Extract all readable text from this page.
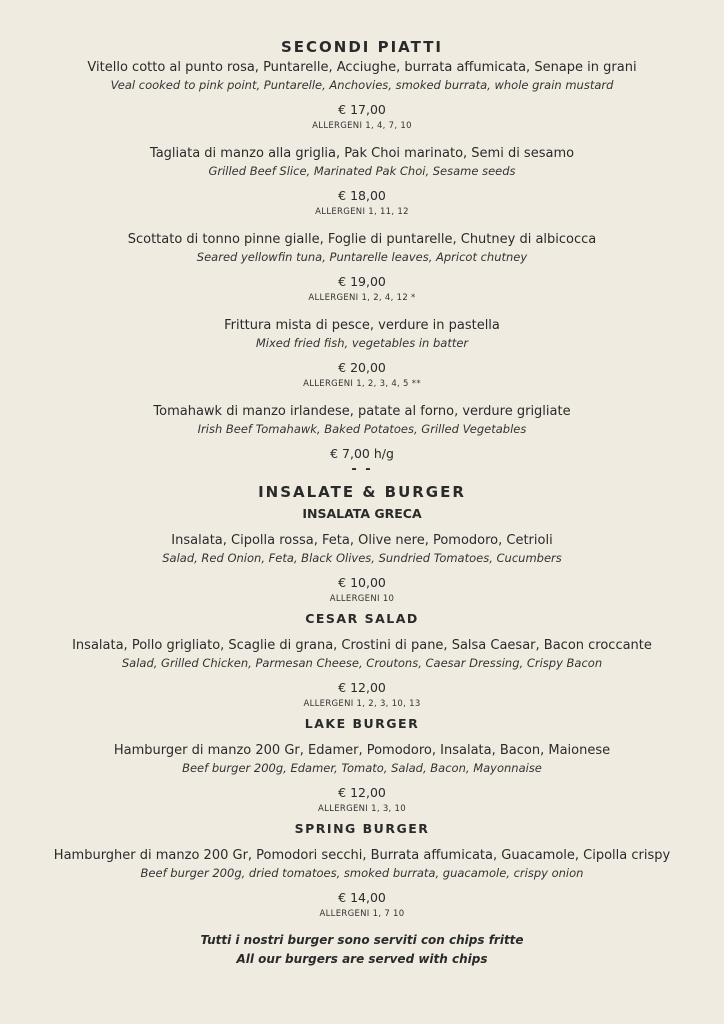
SECONDI PIATTI
Vitello cotto al punto rosa, Puntarelle, Acciughe, burrata affumicata, Senape in grani
Veal cooked to pink point, Puntarelle, Anchovies, smoked burrata, whole grain mustard
€ 17,00
ALLERGENI 1, 4, 7, 10
Tagliata di manzo alla griglia, Pak Choi marinato, Semi di sesamo
Grilled Beef Slice, Marinated Pak Choi, Sesame seeds
€ 18,00
ALLERGENI 1, 11, 12
Scottato di tonno pinne gialle, Foglie di puntarelle, Chutney di albicocca
Seared yellowfin tuna, Puntarelle leaves, Apricot chutney
€ 19,00
ALLERGENI 1, 2, 4, 12 *
Frittura mista di pesce, verdure in pastella
Mixed fried fish, vegetables in batter
€ 20,00
ALLERGENI 1, 2, 3, 4, 5 **
Tomahawk di manzo irlandese, patate al forno, verdure grigliate
Irish Beef Tomahawk, Baked Potatoes, Grilled Vegetables
€ 7,00 h/g
- -
INSALATE & BURGER
INSALATA GRECA
Insalata, Cipolla rossa, Feta, Olive nere, Pomodoro, Cetrioli
Salad, Red Onion, Feta, Black Olives, Sundried Tomatoes, Cucumbers
€ 10,00
ALLERGENI 10
CESAR SALAD
Insalata, Pollo grigliato, Scaglie di grana, Crostini di pane, Salsa Caesar, Bacon croccante
Salad, Grilled Chicken, Parmesan Cheese, Croutons, Caesar Dressing, Crispy Bacon
€ 12,00
ALLERGENI 1, 2, 3, 10, 13
LAKE BURGER
Hamburger di manzo 200 Gr, Edamer, Pomodoro, Insalata, Bacon, Maionese
Beef burger 200g, Edamer, Tomato, Salad, Bacon, Mayonnaise
€ 12,00
ALLERGENI 1, 3, 10
SPRING BURGER
Hamburgher di manzo 200 Gr, Pomodori secchi, Burrata affumicata, Guacamole, Cipolla crispy
Beef burger 200g, dried tomatoes, smoked burrata, guacamole, crispy onion
€ 14,00
ALLERGENI 1, 7 10
Tutti i nostri burger sono serviti con chips fritte
All our burgers are served with chips
